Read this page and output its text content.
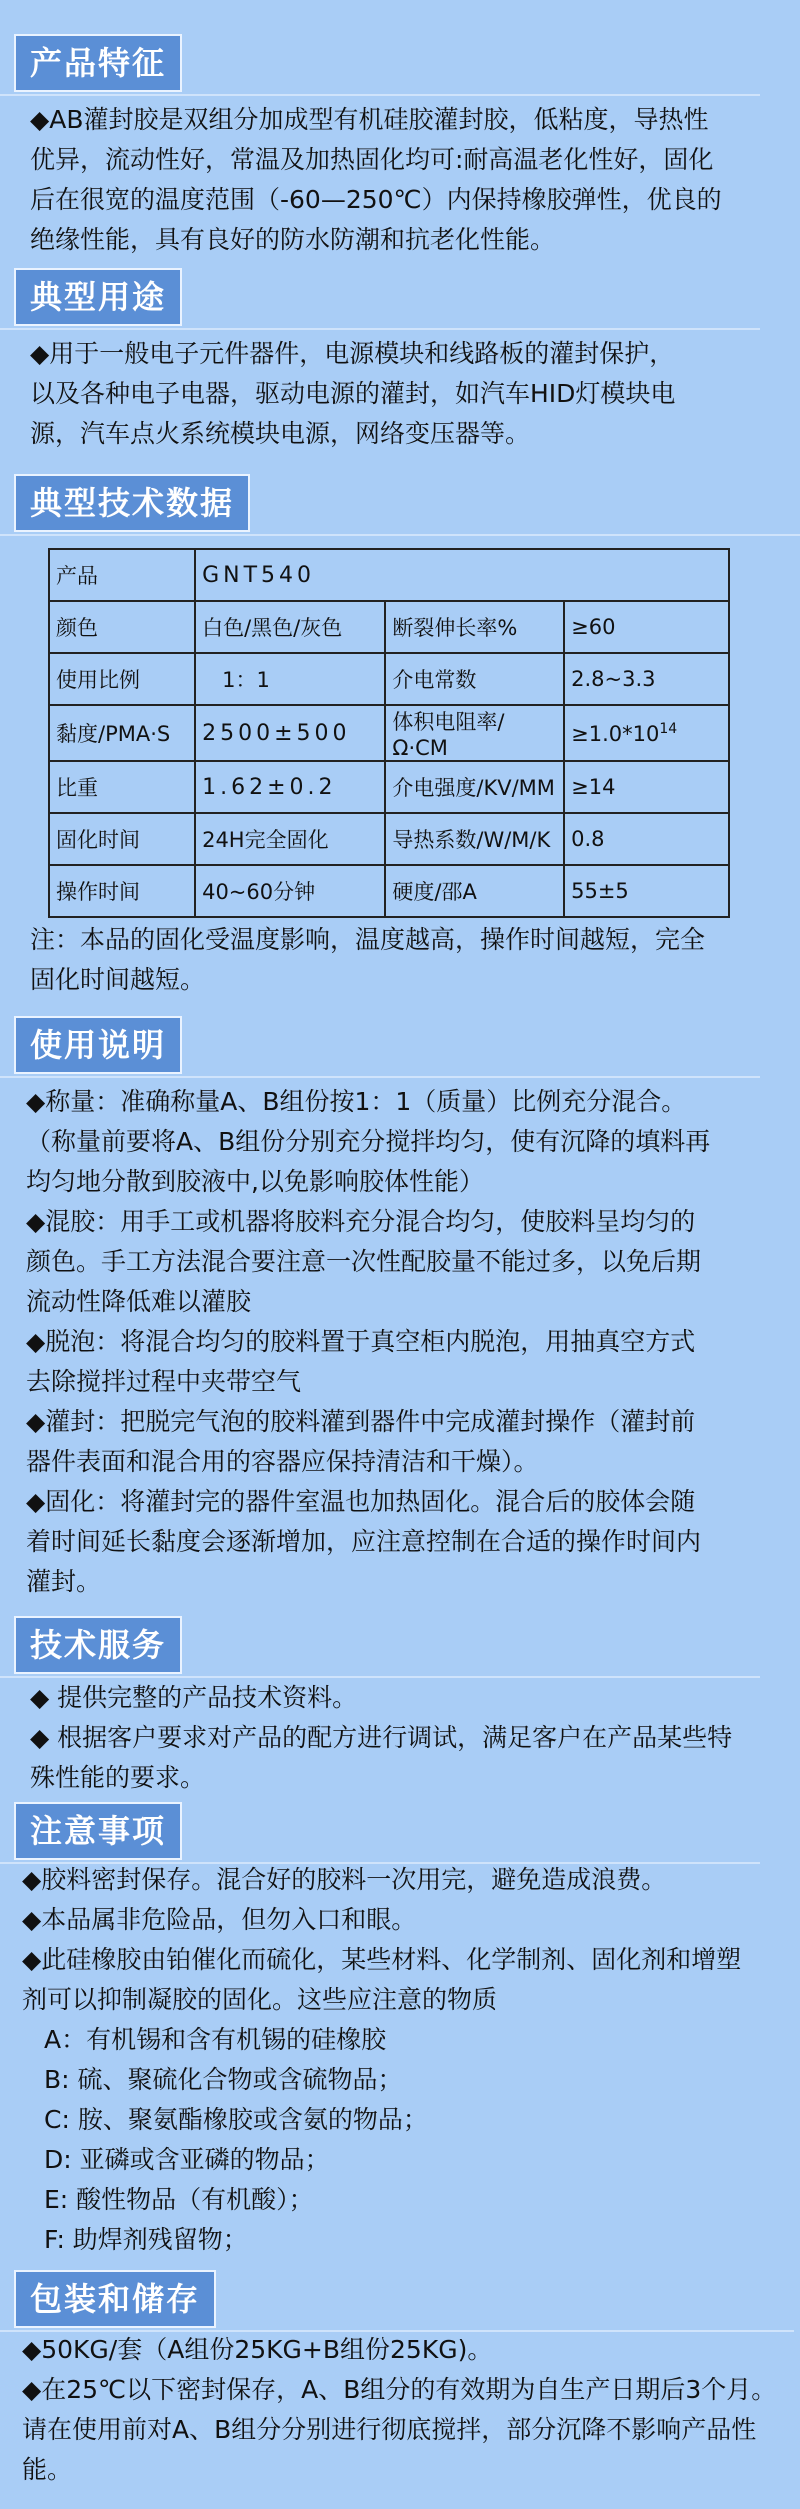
产品特征

◆AB灌封胶是双组分加成型有机硅胶灌封胶，低粘度，导热性

优异，流动性好，常温及加热固化均可:耐高温老化性好，固化

后在很宽的温度范围（-60—250℃）内保持橡胶弹性，优良的

绝缘性能，具有良好的防水防潮和抗老化性能。

典型用途

◆用于一般电子元件器件，电源模块和线路板的灌封保护，

以及各种电子电器，驱动电源的灌封，如汽车HID灯模块电

源，汽车点火系统模块电源，网络变压器等。

典型技术数据
产品	GNT540		
颜色	白色/黑色/灰色	断裂伸长率%	≥60
使用比例	1：1	介电常数	2.8~3.3
黏度/PMA·S	2500±500	体积电阻率/Ω·CM	$\ge 1.0*10^{14}$
比重	1.62±0.2	介电强度/KV/MM	≥14
固化时间	24H完全固化	导热系数/W/M/K	0.8
操作时间	40~60分钟	硬度/邵A	55±5

注：本品的固化受温度影响，温度越高，操作时间越短，完全

固化时间越短。

使用说明

◆称量：准确称量A、B组份按1：1（质量）比例充分混合。

（称量前要将A、B组份分别充分搅拌均匀，使有沉降的填料再

均匀地分散到胶液中,以免影响胶体性能）

◆混胶：用手工或机器将胶料充分混合均匀，使胶料呈均匀的

颜色。手工方法混合要注意一次性配胶量不能过多，以免后期

流动性降低难以灌胶

◆脱泡：将混合均匀的胶料置于真空柜内脱泡，用抽真空方式

去除搅拌过程中夹带空气

◆灌封：把脱完气泡的胶料灌到器件中完成灌封操作（灌封前

器件表面和混合用的容器应保持清洁和干燥）。

◆固化：将灌封完的器件室温也加热固化。混合后的胶体会随

着时间延长黏度会逐渐增加，应注意控制在合适的操作时间内

灌封。

技术服务

◆ 提供完整的产品技术资料。

◆ 根据客户要求对产品的配方进行调试，满足客户在产品某些特

殊性能的要求。

注意事项

◆胶料密封保存。混合好的胶料一次用完，避免造成浪费。

◆本品属非危险品，但勿入口和眼。

◆此硅橡胶由铂催化而硫化，某些材料、化学制剂、固化剂和增塑

剂可以抑制凝胶的固化。这些应注意的物质

A：有机锡和含有机锡的硅橡胶

B: 硫、聚硫化合物或含硫物品；

C: 胺、聚氨酯橡胶或含氨的物品；

D: 亚磷或含亚磷的物品；

E: 酸性物品（有机酸）；

F: 助焊剂残留物；

包装和储存

◆50KG/套（A组份25KG+B组份25KG)。

◆在25℃以下密封保存，A、B组分的有效期为自生产日期后3个月。

请在使用前对A、B组分分别进行彻底搅拌，部分沉降不影响产品性

能。
